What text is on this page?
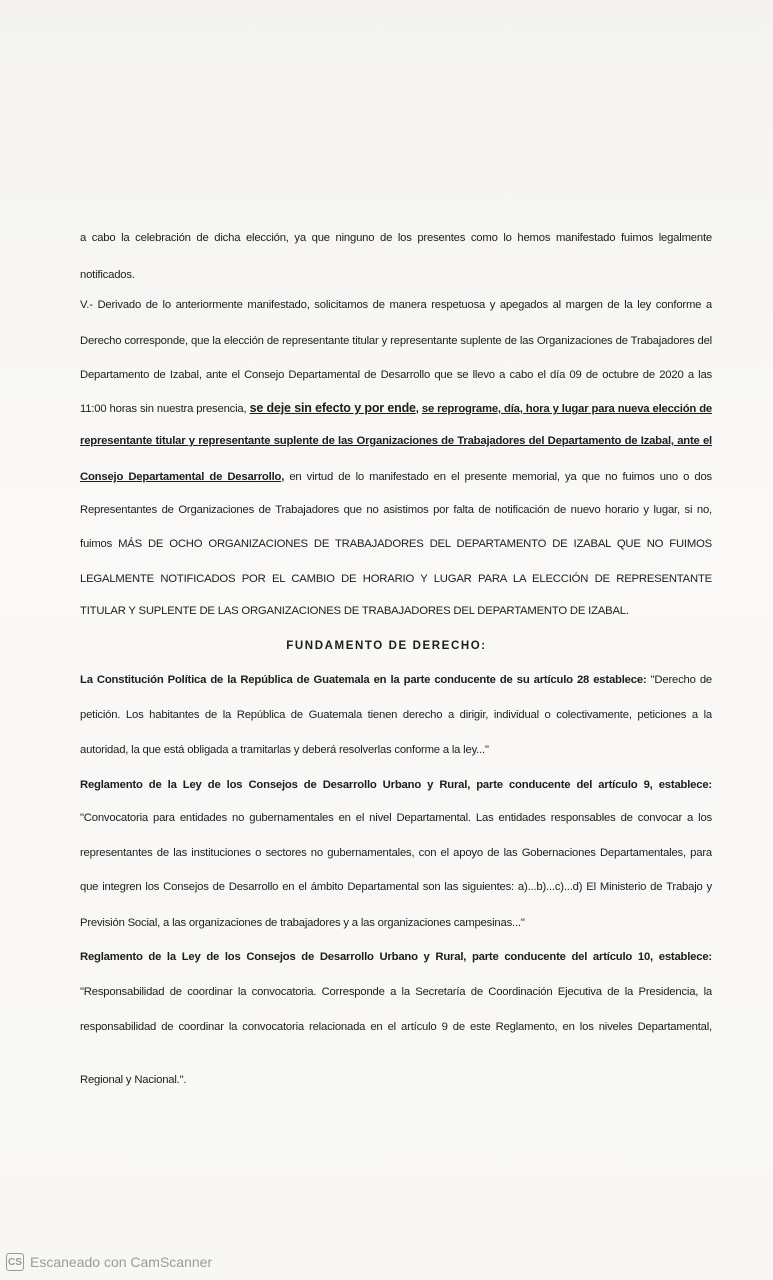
a cabo la celebración de dicha elección, ya que ninguno de los presentes como lo hemos manifestado fuimos legalmente
notificados.
V.- Derivado de lo anteriormente manifestado, solicitamos de manera respetuosa y apegados al margen de la ley conforme a
Derecho corresponde, que la elección de representante titular y representante suplente de las Organizaciones de Trabajadores del
Departamento de Izabal, ante el Consejo Departamental de Desarrollo que se llevo a cabo el día 09 de octubre de 2020 a las
11:00 horas sin nuestra presencia, se deje sin efecto y por ende, se reprograme, día, hora y lugar para nueva elección de
representante titular y representante suplente de las Organizaciones de Trabajadores del Departamento de Izabal, ante el
Consejo Departamental de Desarrollo, en virtud de lo manifestado en el presente memorial, ya que no fuimos uno o dos
Representantes de Organizaciones de Trabajadores que no asistimos por falta de notificación de nuevo horario y lugar, si no,
fuimos MÁS DE OCHO ORGANIZACIONES DE TRABAJADORES DEL DEPARTAMENTO DE IZABAL QUE NO FUIMOS
LEGALMENTE NOTIFICADOS POR EL CAMBIO DE HORARIO Y LUGAR PARA LA ELECCIÓN DE REPRESENTANTE
TITULAR Y SUPLENTE DE LAS ORGANIZACIONES DE TRABAJADORES DEL DEPARTAMENTO DE IZABAL.
FUNDAMENTO DE DERECHO:
La Constitución Política de la República de Guatemala en la parte conducente de su artículo 28 establece: "Derecho de
petición. Los habitantes de la República de Guatemala tienen derecho a dirigir, individual o colectivamente, peticiones a la
autoridad, la que está obligada a tramitarlas y deberá resolverlas conforme a la ley..."
Reglamento de la Ley de los Consejos de Desarrollo Urbano y Rural, parte conducente del artículo 9, establece:
"Convocatoria para entidades no gubernamentales en el nivel Departamental. Las entidades responsables de convocar a los
representantes de las instituciones o sectores no gubernamentales, con el apoyo de las Gobernaciones Departamentales, para
que integren los Consejos de Desarrollo en el ámbito Departamental son las siguientes: a)...b)...c)...d) El Ministerio de Trabajo y
Previsión Social, a las organizaciones de trabajadores y a las organizaciones campesinas..."
Reglamento de la Ley de los Consejos de Desarrollo Urbano y Rural, parte conducente del artículo 10, establece:
"Responsabilidad de coordinar la convocatoria. Corresponde a la Secretaría de Coordinación Ejecutiva de la Presidencia, la
responsabilidad de coordinar la convocatoria relacionada en el artículo 9 de este Reglamento, en los niveles Departamental,
Regional y Nacional.".
CS Escaneado con CamScanner
